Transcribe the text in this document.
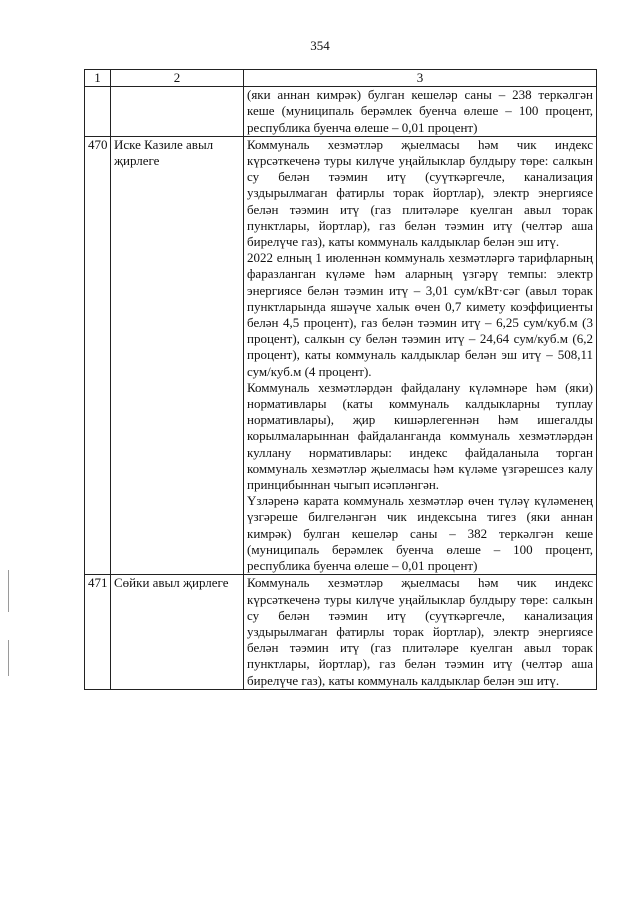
354
1	2	3

		(яки аннан кимрәк) булган кешеләр саны – 238 теркәлгән кеше (муниципаль берәмлек буенча өлеше – 100 процент, республика буенча өлеше – 0,01 процент)

470	Иске Казиле авыл җирлеге	Коммуналь хезмәтләр җыелмасы һәм чик индекс күрсәткеченә туры килүче уңайлыклар булдыру төре: салкын су белән тәэмин итү (суүткәргечле, канализация уздырылмаган фатирлы торак йортлар), электр энергиясе белән тәэмин итү (газ плитәләре куелган авыл торак пунктлары, йортлар), газ белән тәэмин итү (челтәр аша бирелүче газ), каты коммуналь калдыклар белән эш итү.

2022 елның 1 июленнән коммуналь хезмәтләргә тарифларның фаразланган күләме һәм аларның үзгәрү темпы: электр энергиясе белән тәэмин итү – 3,01 сум/кВт·сәг (авыл торак пунктларында яшәүче халык өчен 0,7 кимету коэффициенты белән 4,5 процент), газ белән тәэмин итү – 6,25 сум/куб.м (3 процент), салкын су белән тәэмин итү – 24,64 сум/куб.м (6,2 процент), каты коммуналь калдыклар белән эш итү – 508,11 сум/куб.м (4 процент).

Коммуналь хезмәтләрдән файдалану күләмнәре һәм (яки) нормативлары (каты коммуналь калдыкларны туплау нормативлары), җир кишәрлегеннән һәм ишегалды корылмаларыннан файдаланганда коммуналь хезмәтләрдән куллану нормативлары: индекс файдаланыла торган коммуналь хезмәтләр җыелмасы һәм күләме үзгәрешсез калу принцибыннан чыгып исәпләнгән.

Үзләренә карата коммуналь хезмәтләр өчен түләү күләменең үзгәреше билгеләнгән чик индексына тигез (яки аннан кимрәк) булган кешеләр саны – 382 теркәлгән кеше (муниципаль берәмлек буенча өлеше – 100 процент, республика буенча өлеше – 0,01 процент)

471	Сөйки авыл җирлеге	Коммуналь хезмәтләр җыелмасы һәм чик индекс күрсәткеченә туры килүче уңайлыклар булдыру төре: салкын су белән тәэмин итү (суүткәргечле, канализация уздырылмаган фатирлы торак йортлар), электр энергиясе белән тәэмин итү (газ плитәләре куелган авыл торак пунктлары, йортлар), газ белән тәэмин итү (челтәр аша бирелүче газ), каты коммуналь калдыклар белән эш итү.
